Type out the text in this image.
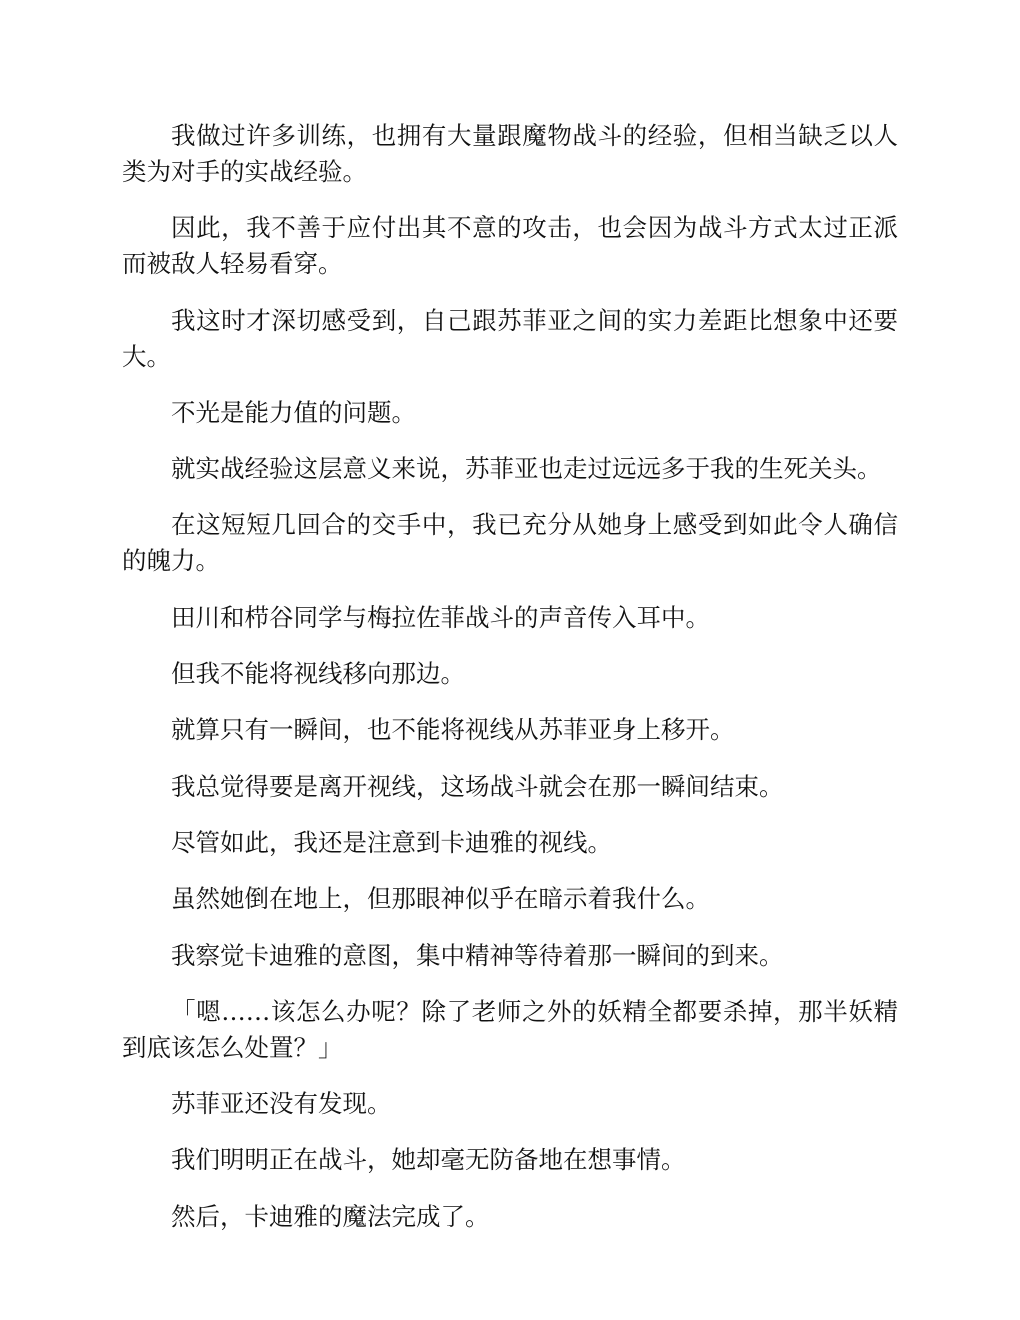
我做过许多训练，也拥有大量跟魔物战斗的经验，但相当缺乏以人类为对手的实战经验。

因此，我不善于应付出其不意的攻击，也会因为战斗方式太过正派而被敌人轻易看穿。

我这时才深切感受到，自己跟苏菲亚之间的实力差距比想象中还要大。

不光是能力值的问题。

就实战经验这层意义来说，苏菲亚也走过远远多于我的生死关头。

在这短短几回合的交手中，我已充分从她身上感受到如此令人确信的魄力。

田川和栉谷同学与梅拉佐菲战斗的声音传入耳中。

但我不能将视线移向那边。

就算只有一瞬间，也不能将视线从苏菲亚身上移开。

我总觉得要是离开视线，这场战斗就会在那一瞬间结束。

尽管如此，我还是注意到卡迪雅的视线。

虽然她倒在地上，但那眼神似乎在暗示着我什么。

我察觉卡迪雅的意图，集中精神等待着那一瞬间的到来。

「嗯……该怎么办呢？除了老师之外的妖精全都要杀掉，那半妖精到底该怎么处置？」

苏菲亚还没有发现。

我们明明正在战斗，她却毫无防备地在想事情。

然后，卡迪雅的魔法完成了。
